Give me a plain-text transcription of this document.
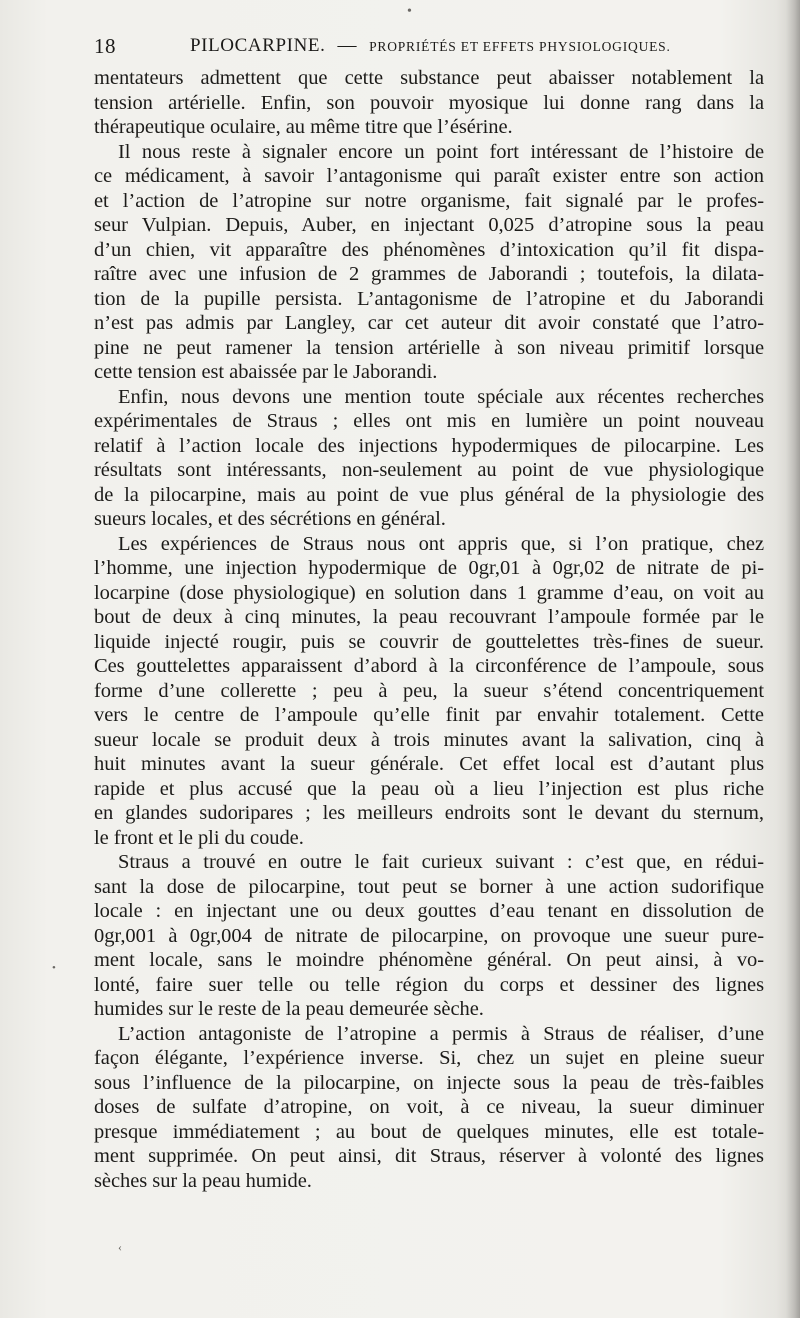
•
•
‹
18	PILOCARPINE. — PROPRIÉTÉS ET EFFETS PHYSIOLOGIQUES.
mentateurs admettent que cette substance peut abaisser notablement la
tension artérielle. Enfin, son pouvoir myosique lui donne rang dans la
thérapeutique oculaire, au même titre que l’ésérine.
Il nous reste à signaler encore un point fort intéressant de l’histoire de
ce médicament, à savoir l’antagonisme qui paraît exister entre son action
et l’action de l’atropine sur notre organisme, fait signalé par le profes-
seur Vulpian. Depuis, Auber, en injectant 0,025 d’atropine sous la peau
d’un chien, vit apparaître des phénomènes d’intoxication qu’il fit dispa-
raître avec une infusion de 2 grammes de Jaborandi ; toutefois, la dilata-
tion de la pupille persista. L’antagonisme de l’atropine et du Jaborandi
n’est pas admis par Langley, car cet auteur dit avoir constaté que l’atro-
pine ne peut ramener la tension artérielle à son niveau primitif lorsque
cette tension est abaissée par le Jaborandi.
Enfin, nous devons une mention toute spéciale aux récentes recherches
expérimentales de Straus ; elles ont mis en lumière un point nouveau
relatif à l’action locale des injections hypodermiques de pilocarpine. Les
résultats sont intéressants, non-seulement au point de vue physiologique
de la pilocarpine, mais au point de vue plus général de la physiologie des
sueurs locales, et des sécrétions en général.
Les expériences de Straus nous ont appris que, si l’on pratique, chez
l’homme, une injection hypodermique de 0gr,01 à 0gr,02 de nitrate de pi-
locarpine (dose physiologique) en solution dans 1 gramme d’eau, on voit au
bout de deux à cinq minutes, la peau recouvrant l’ampoule formée par le
liquide injecté rougir, puis se couvrir de gouttelettes très-fines de sueur.
Ces gouttelettes apparaissent d’abord à la circonférence de l’ampoule, sous
forme d’une collerette ; peu à peu, la sueur s’étend concentriquement
vers le centre de l’ampoule qu’elle finit par envahir totalement. Cette
sueur locale se produit deux à trois minutes avant la salivation, cinq à
huit minutes avant la sueur générale. Cet effet local est d’autant plus
rapide et plus accusé que la peau où a lieu l’injection est plus riche
en glandes sudoripares ; les meilleurs endroits sont le devant du sternum,
le front et le pli du coude.
Straus a trouvé en outre le fait curieux suivant : c’est que, en rédui-
sant la dose de pilocarpine, tout peut se borner à une action sudorifique
locale : en injectant une ou deux gouttes d’eau tenant en dissolution de
0gr,001 à 0gr,004 de nitrate de pilocarpine, on provoque une sueur pure-
ment locale, sans le moindre phénomène général. On peut ainsi, à vo-
lonté, faire suer telle ou telle région du corps et dessiner des lignes
humides sur le reste de la peau demeurée sèche.
L’action antagoniste de l’atropine a permis à Straus de réaliser, d’une
façon élégante, l’expérience inverse. Si, chez un sujet en pleine sueur
sous l’influence de la pilocarpine, on injecte sous la peau de très-faibles
doses de sulfate d’atropine, on voit, à ce niveau, la sueur diminuer
presque immédiatement ; au bout de quelques minutes, elle est totale-
ment supprimée. On peut ainsi, dit Straus, réserver à volonté des lignes
sèches sur la peau humide.
